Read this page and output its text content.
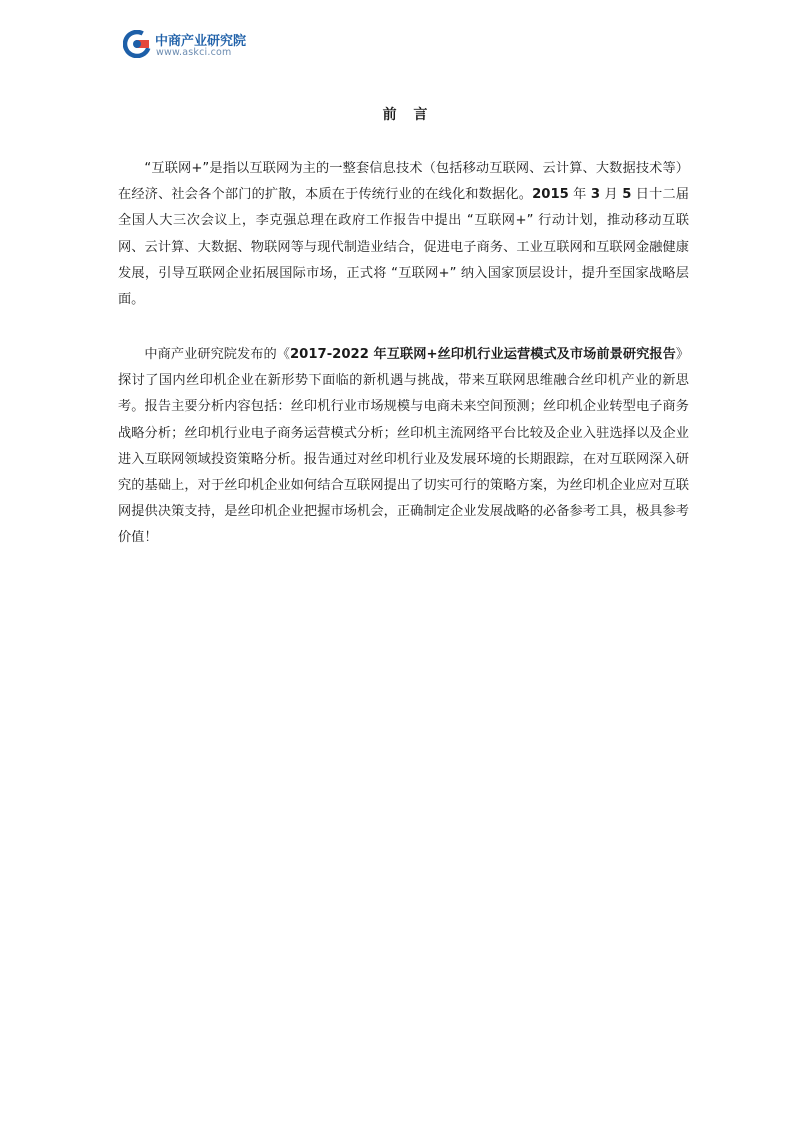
中商产业研究院
www.askci.com
前 言

“互联网+”是指以互联网为主的一整套信息技术（包括移动互联网、云计算、大数据技术等）在经济、社会各个部门的扩散，本质在于传统行业的在线化和数据化。2015 年 3 月 5 日十二届全国人大三次会议上，李克强总理在政府工作报告中提出 “互联网+” 行动计划，推动移动互联网、云计算、大数据、物联网等与现代制造业结合，促进电子商务、工业互联网和互联网金融健康发展，引导互联网企业拓展国际市场，正式将 “互联网+” 纳入国家顶层设计，提升至国家战略层面。

中商产业研究院发布的《2017-2022 年互联网+丝印机行业运营模式及市场前景研究报告》探讨了国内丝印机企业在新形势下面临的新机遇与挑战，带来互联网思维融合丝印机产业的新思考。报告主要分析内容包括：丝印机行业市场规模与电商未来空间预测；丝印机企业转型电子商务战略分析；丝印机行业电子商务运营模式分析；丝印机主流网络平台比较及企业入驻选择以及企业进入互联网领域投资策略分析。报告通过对丝印机行业及发展环境的长期跟踪，在对互联网深入研究的基础上，对于丝印机企业如何结合互联网提出了切实可行的策略方案，为丝印机企业应对互联网提供决策支持，是丝印机企业把握市场机会，正确制定企业发展战略的必备参考工具，极具参考价值！
